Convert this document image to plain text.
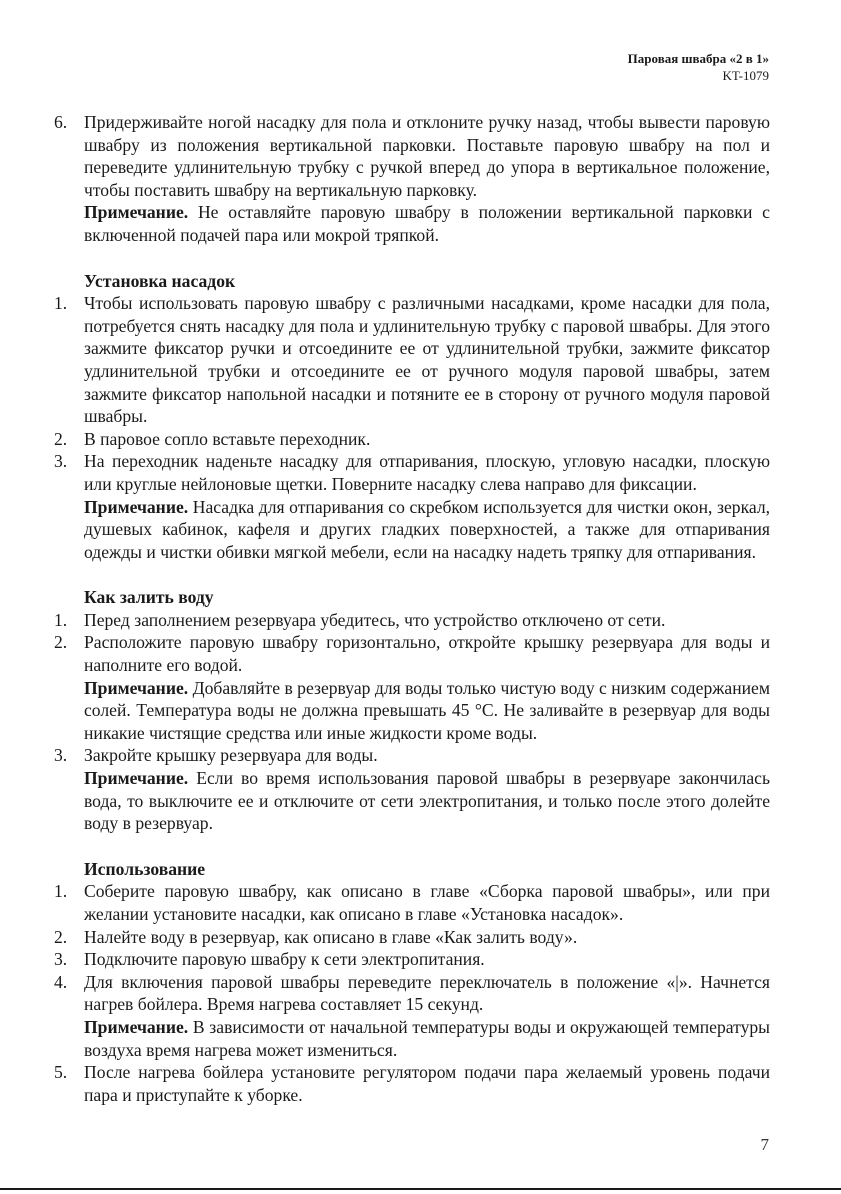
Паровая швабра «2 в 1»
KT-1079
6. Придерживайте ногой насадку для пола и отклоните ручку назад, чтобы вывести паровую швабру из положения вертикальной парковки. Поставьте паровую швабру на пол и переведите удлинительную трубку с ручкой вперед до упора в вертикальное положение, чтобы поставить швабру на вертикальную парковку.
Примечание. Не оставляйте паровую швабру в положении вертикальной парковки с включенной подачей пара или мокрой тряпкой.
Установка насадок
1. Чтобы использовать паровую швабру с различными насадками, кроме насадки для пола, потребуется снять насадку для пола и удлинительную трубку с паровой швабры. Для этого зажмите фиксатор ручки и отсоедините ее от удлинительной трубки, зажмите фиксатор удлинительной трубки и отсоедините ее от ручного модуля паровой швабры, затем зажмите фиксатор напольной насадки и потяните ее в сторону от ручного модуля паровой швабры.
2. В паровое сопло вставьте переходник.
3. На переходник наденьте насадку для отпаривания, плоскую, угловую насадки, плоскую или круглые нейлоновые щетки. Поверните насадку слева направо для фиксации.
Примечание. Насадка для отпаривания со скребком используется для чистки окон, зеркал, душевых кабинок, кафеля и других гладких поверхностей, а также для отпаривания одежды и чистки обивки мягкой мебели, если на насадку надеть тряпку для отпаривания.
Как залить воду
1. Перед заполнением резервуара убедитесь, что устройство отключено от сети.
2. Расположите паровую швабру горизонтально, откройте крышку резервуара для воды и наполните его водой.
Примечание. Добавляйте в резервуар для воды только чистую воду с низким содержанием солей. Температура воды не должна превышать 45 °С. Не заливайте в резервуар для воды никакие чистящие средства или иные жидкости кроме воды.
3. Закройте крышку резервуара для воды.
Примечание. Если во время использования паровой швабры в резервуаре закончилась вода, то выключите ее и отключите от сети электропитания, и только после этого долейте воду в резервуар.
Использование
1. Соберите паровую швабру, как описано в главе «Сборка паровой швабры», или при желании установите насадки, как описано в главе «Установка насадок».
2. Налейте воду в резервуар, как описано в главе «Как залить воду».
3. Подключите паровую швабру к сети электропитания.
4. Для включения паровой швабры переведите переключатель в положение «|». Начнется нагрев бойлера. Время нагрева составляет 15 секунд.
Примечание. В зависимости от начальной температуры воды и окружающей температуры воздуха время нагрева может измениться.
5. После нагрева бойлера установите регулятором подачи пара желаемый уровень подачи пара и приступайте к уборке.
7
